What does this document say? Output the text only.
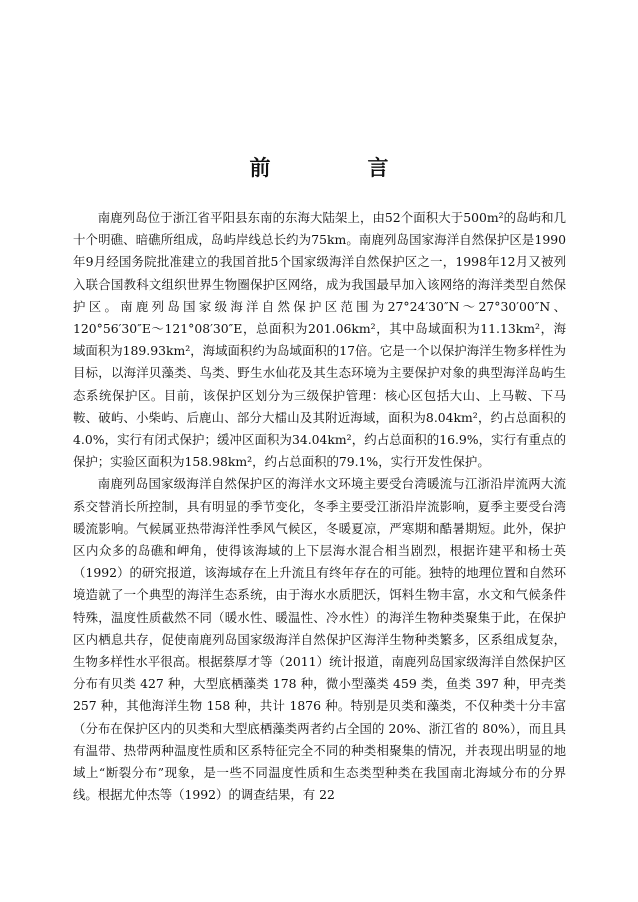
前　言

南鹿列岛位于浙江省平阳县东南的东海大陆架上，由52个面积大于500m²的岛屿和几十个明礁、暗礁所组成，岛屿岸线总长约为75km。南鹿列岛国家海洋自然保护区是1990年9月经国务院批准建立的我国首批5个国家级海洋自然保护区之一，1998年12月又被列入联合国教科文组织世界生物圈保护区网络，成为我国最早加入该网络的海洋类型自然保护区。南鹿列岛国家级海洋自然保护区范围为27°24′30″N～27°30′00″N、120°56′30″E～121°08′30″E，总面积为201.06km²，其中岛域面积为11.13km²，海域面积为189.93km²，海域面积约为岛域面积的17倍。它是一个以保护海洋生物多样性为目标，以海洋贝藻类、鸟类、野生水仙花及其生态环境为主要保护对象的典型海洋岛屿生态系统保护区。目前，该保护区划分为三级保护管理：核心区包括大山、上马鞍、下马鞍、破屿、小柴屿、后鹿山、部分大檑山及其附近海域，面积为8.04km²，约占总面积的4.0%，实行有闭式保护；缓冲区面积为34.04km²，约占总面积的16.9%，实行有重点的保护；实验区面积为158.98km²，约占总面积的79.1%，实行开发性保护。

南鹿列岛国家级海洋自然保护区的海洋水文环境主要受台湾暖流与江浙沿岸流两大流系交替消长所控制，具有明显的季节变化，冬季主要受江浙沿岸流影响，夏季主要受台湾暖流影响。气候属亚热带海洋性季风气候区，冬暖夏凉，严寒期和酷暑期短。此外，保护区内众多的岛礁和岬角，使得该海域的上下层海水混合相当剧烈，根据许建平和杨士英（1992）的研究报道，该海域存在上升流且有终年存在的可能。独特的地理位置和自然环境造就了一个典型的海洋生态系统，由于海水水质肥沃，饵料生物丰富，水文和气候条件特殊，温度性质截然不同（暖水性、暖温性、冷水性）的海洋生物种类聚集于此，在保护区内栖息共存，促使南鹿列岛国家级海洋自然保护区海洋生物种类繁多，区系组成复杂，生物多样性水平很高。根据蔡厚才等（2011）统计报道，南鹿列岛国家级海洋自然保护区分布有贝类 427 种，大型底栖藻类 178 种，微小型藻类 459 类，鱼类 397 种，甲壳类 257 种，其他海洋生物 158 种，共计 1876 种。特别是贝类和藻类，不仅种类十分丰富（分布在保护区内的贝类和大型底栖藻类两者约占全国的 20%、浙江省的 80%），而且具有温带、热带两种温度性质和区系特征完全不同的种类相聚集的情况，并表现出明显的地域上“断裂分布”现象，是一些不同温度性质和生态类型种类在我国南北海域分布的分界线。根据尤仲杰等（1992）的调查结果，有 22
